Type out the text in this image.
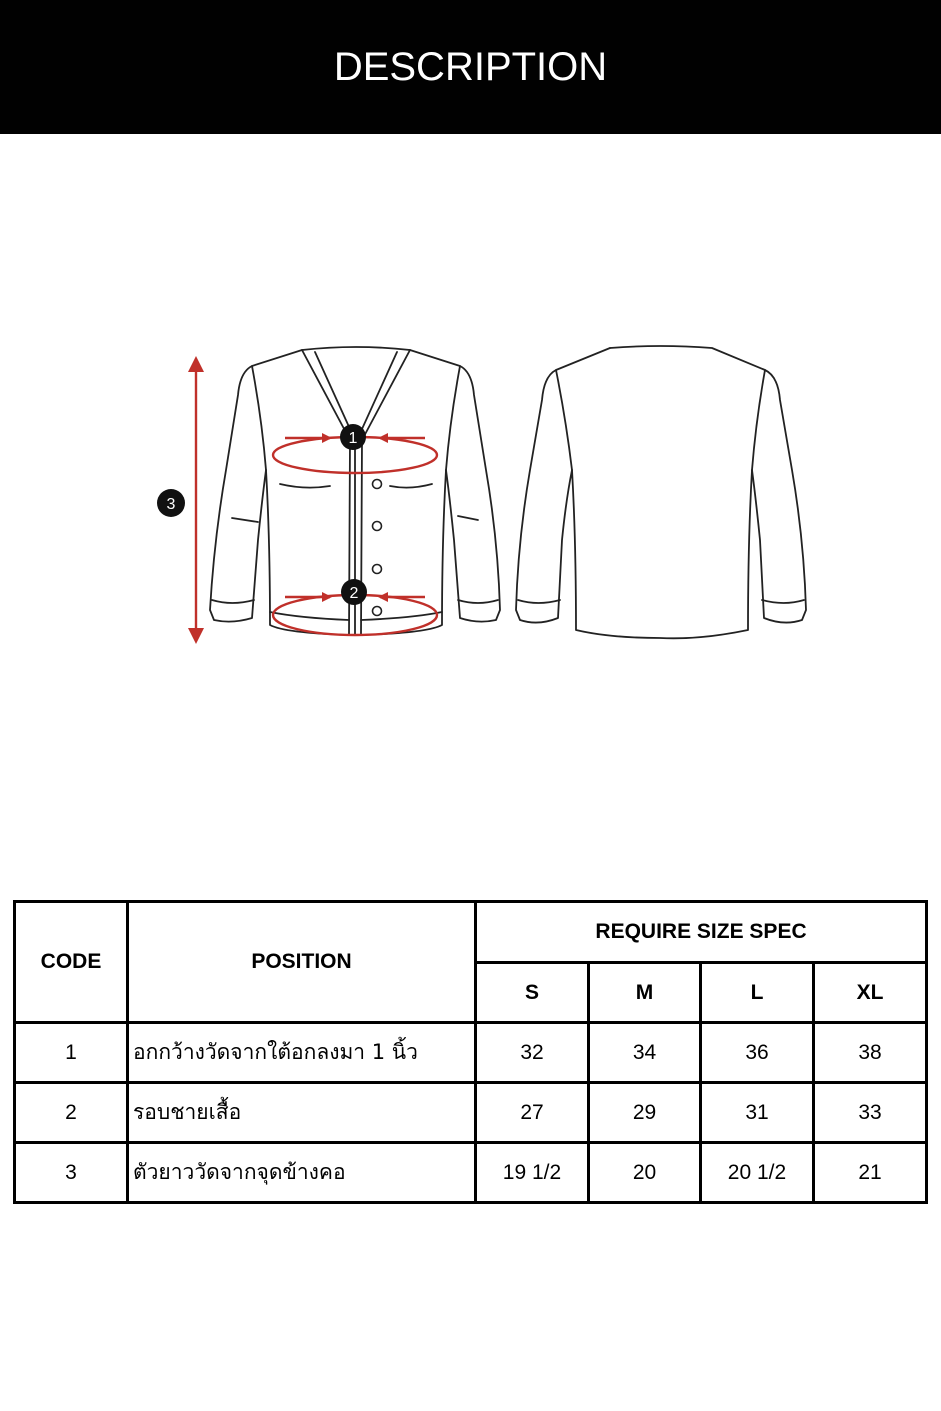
DESCRIPTION
1
2
3
CODE	POSITION	REQUIRE SIZE SPEC			
		S	M	L	XL
1	อกกว้างวัดจากใต้อกลงมา 1 นิ้ว	32	34	36	38
2	รอบชายเสื้อ	27	29	31	33
3	ตัวยาววัดจากจุดข้างคอ	19 1/2	20	20 1/2	21
